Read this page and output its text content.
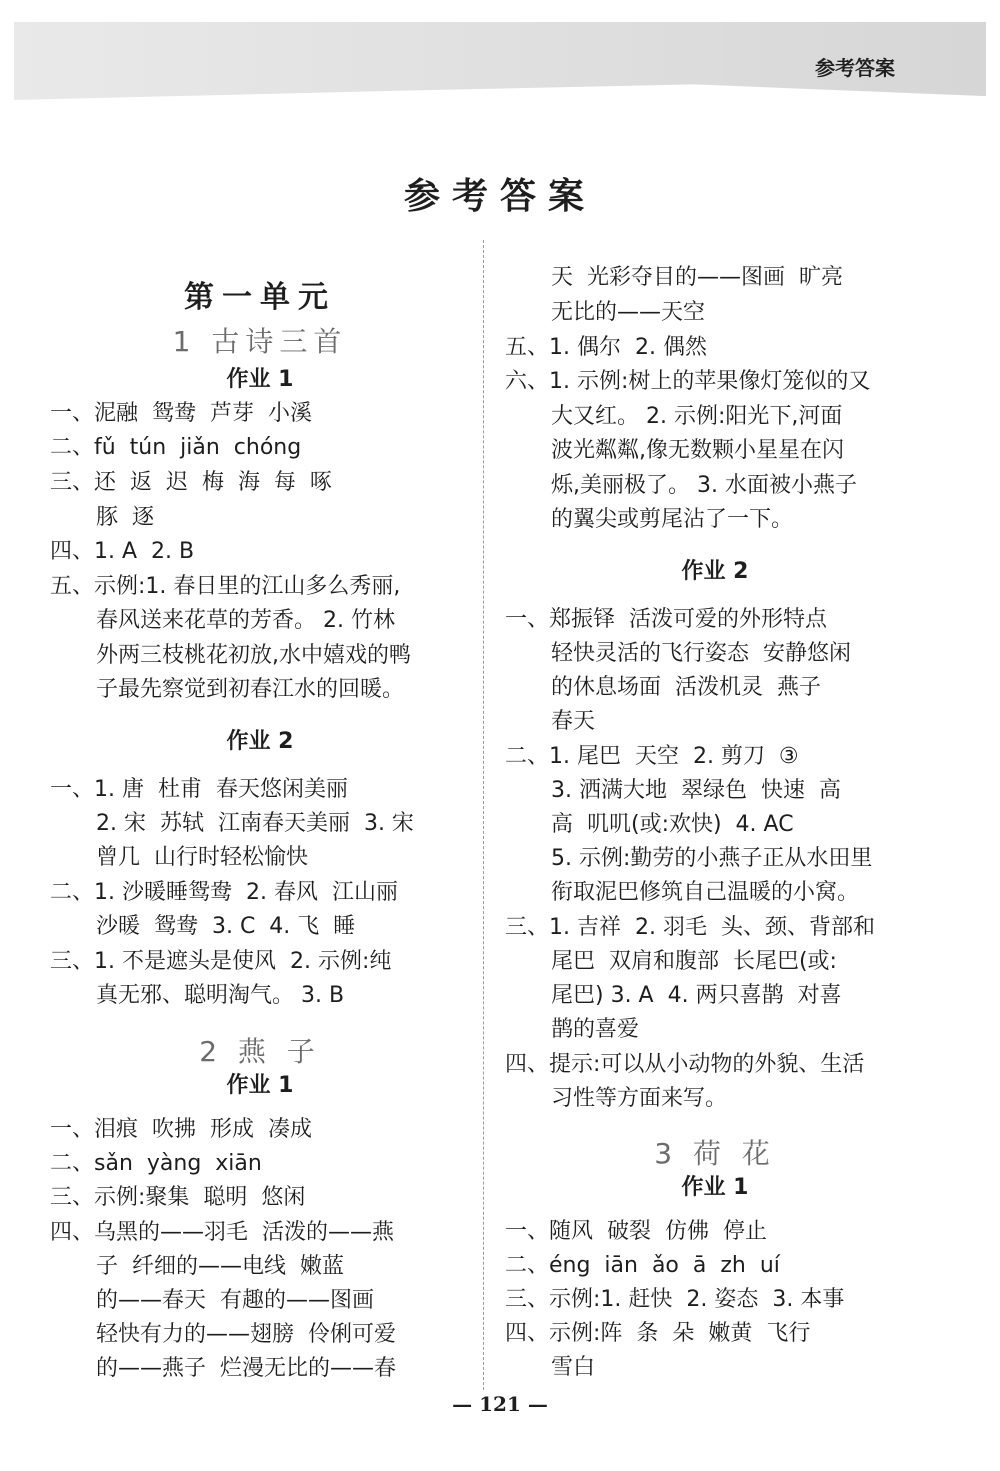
参考答案
参考答案
第一单元
1 古诗三首
作业 1
一、泥融  鸳鸯  芦芽  小溪
二、fǔ  tún  jiǎn  chóng
三、还  返  迟  梅  海  每  啄
豚  逐
四、1. A  2. B
五、示例:1. 春日里的江山多么秀丽,
春风送来花草的芳香。 2. 竹林
外两三枝桃花初放,水中嬉戏的鸭
子最先察觉到初春江水的回暖。
作业 2
一、1. 唐  杜甫  春天悠闲美丽
2. 宋  苏轼  江南春天美丽  3. 宋
曾几  山行时轻松愉快
二、1. 沙暖睡鸳鸯  2. 春风  江山丽
沙暖  鸳鸯  3. C  4. 飞  睡
三、1. 不是遮头是使风  2. 示例:纯
真无邪、聪明淘气。 3. B
2 燕 子
作业 1
一、泪痕  吹拂  形成  凑成
二、sǎn  yàng  xiān
三、示例:聚集  聪明  悠闲
四、乌黑的——羽毛  活泼的——燕
子  纤细的——电线  嫩蓝
的——春天  有趣的——图画
轻快有力的——翅膀  伶俐可爱
的——燕子  烂漫无比的——春
天  光彩夺目的——图画  旷亮
无比的——天空
五、1. 偶尔  2. 偶然
六、1. 示例:树上的苹果像灯笼似的又
大又红。 2. 示例:阳光下,河面
波光粼粼,像无数颗小星星在闪
烁,美丽极了。 3. 水面被小燕子
的翼尖或剪尾沾了一下。
作业 2
一、郑振铎  活泼可爱的外形特点
轻快灵活的飞行姿态  安静悠闲
的休息场面  活泼机灵  燕子
春天
二、1. 尾巴  天空  2. 剪刀  ③
3. 洒满大地  翠绿色  快速  高
高  叽叽(或:欢快)  4. AC
5. 示例:勤劳的小燕子正从水田里
衔取泥巴修筑自己温暖的小窝。
三、1. 吉祥  2. 羽毛  头、颈、背部和
尾巴  双肩和腹部  长尾巴(或:
尾巴) 3. A  4. 两只喜鹊  对喜
鹊的喜爱
四、提示:可以从小动物的外貌、生活
习性等方面来写。
3 荷 花
作业 1
一、随风  破裂  仿佛  停止
二、éng  iān  ǎo  ā  zh  uí
三、示例:1. 赶快  2. 姿态  3. 本事
四、示例:阵  条  朵  嫩黄  飞行
雪白
— 121 —
